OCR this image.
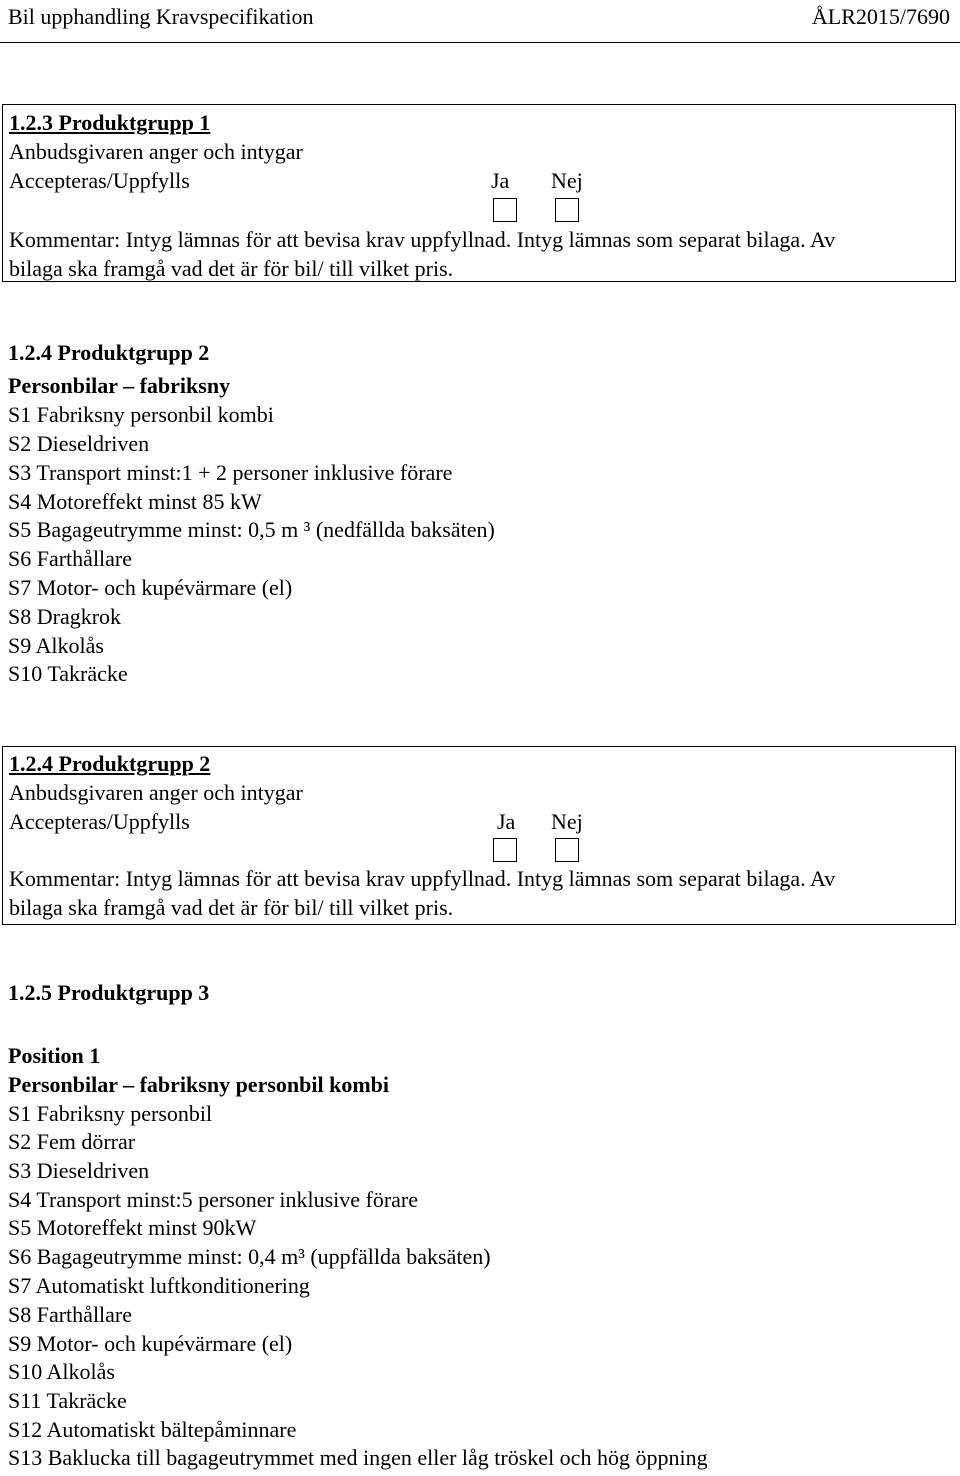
Bil upphandling Kravspecifikation	ÅLR2015/7690
1.2.3 Produktgrupp 1
Anbudsgivaren anger och intygar
Accepteras/Uppfylls	Ja Nej
Kommentar: Intyg lämnas för att bevisa krav uppfyllnad. Intyg lämnas som separat bilaga. Av
bilaga ska framgå vad det är för bil/ till vilket pris.
1.2.4 Produktgrupp 2
Personbilar – fabriksny
S1 Fabriksny personbil kombi
S2 Dieseldriven
S3 Transport minst:1 + 2 personer inklusive förare
S4 Motoreffekt minst 85 kW
S5 Bagageutrymme minst: 0,5 m ³ (nedfällda baksäten)
S6 Farthållare
S7 Motor- och kupévärmare (el)
S8 Dragkrok
S9 Alkolås
S10 Takräcke
1.2.4 Produktgrupp 2
Anbudsgivaren anger och intygar
Accepteras/Uppfylls	Ja Nej
Kommentar: Intyg lämnas för att bevisa krav uppfyllnad. Intyg lämnas som separat bilaga. Av
bilaga ska framgå vad det är för bil/ till vilket pris.
1.2.5 Produktgrupp 3
Position 1
Personbilar – fabriksny personbil kombi
S1 Fabriksny personbil
S2 Fem dörrar
S3 Dieseldriven
S4 Transport minst:5 personer inklusive förare
S5 Motoreffekt minst 90kW
S6 Bagageutrymme minst: 0,4 m³ (uppfällda baksäten)
S7 Automatiskt luftkonditionering
S8 Farthållare
S9 Motor- och kupévärmare (el)
S10 Alkolås
S11 Takräcke
S12 Automatiskt bältepåminnare
S13 Baklucka till bagageutrymmet med ingen eller låg tröskel och hög öppning
